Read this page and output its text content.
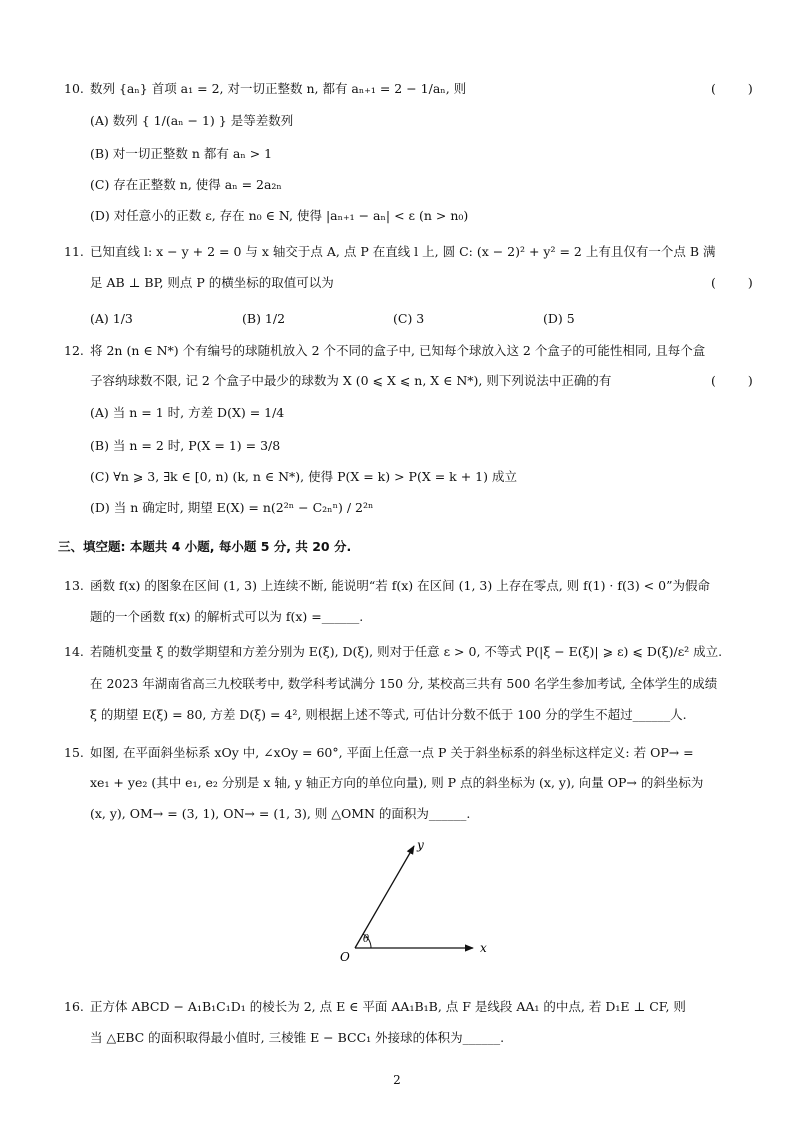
10. 数列 {aₙ} 首项 a₁ = 2, 对一切正整数 n, 都有 aₙ₊₁ = 2 − 1/aₙ, 则	( )
(A) 数列 { 1/(aₙ − 1) } 是等差数列
(B) 对一切正整数 n 都有 aₙ > 1
(C) 存在正整数 n, 使得 aₙ = 2a₂ₙ
(D) 对任意小的正数 ε, 存在 n₀ ∈ N, 使得 |aₙ₊₁ − aₙ| < ε (n > n₀)
11. 已知直线 l: x − y + 2 = 0 与 x 轴交于点 A, 点 P 在直线 l 上, 圆 C: (x − 2)² + y² = 2 上有且仅有一个点 B 满
足 AB ⊥ BP, 则点 P 的横坐标的取值可以为	( )
(A) 1/3	(B) 1/2	(C) 3	(D) 5
12. 将 2n (n ∈ N*) 个有编号的球随机放入 2 个不同的盒子中, 已知每个球放入这 2 个盒子的可能性相同, 且每个盒
子容纳球数不限, 记 2 个盒子中最少的球数为 X (0 ⩽ X ⩽ n, X ∈ N*), 则下列说法中正确的有	( )
(A) 当 n = 1 时, 方差 D(X) = 1/4
(B) 当 n = 2 时, P(X = 1) = 3/8
(C) ∀n ⩾ 3, ∃k ∈ [0, n) (k, n ∈ N*), 使得 P(X = k) > P(X = k + 1) 成立
(D) 当 n 确定时, 期望 E(X) = n(2²ⁿ − C₂ₙⁿ) / 2²ⁿ
三、填空题: 本题共 4 小题, 每小题 5 分, 共 20 分.
13. 函数 f(x) 的图象在区间 (1, 3) 上连续不断, 能说明“若 f(x) 在区间 (1, 3) 上存在零点, 则 f(1) · f(3) < 0”为假命
题的一个函数 f(x) 的解析式可以为 f(x) =______.
14. 若随机变量 ξ 的数学期望和方差分别为 E(ξ), D(ξ), 则对于任意 ε > 0, 不等式 P(|ξ − E(ξ)| ⩾ ε) ⩽ D(ξ)/ε² 成立.
在 2023 年湖南省高三九校联考中, 数学科考试满分 150 分, 某校高三共有 500 名学生参加考试, 全体学生的成绩
ξ 的期望 E(ξ) = 80, 方差 D(ξ) = 4², 则根据上述不等式, 可估计分数不低于 100 分的学生不超过______人.
15. 如图, 在平面斜坐标系 xOy 中, ∠xOy = 60°, 平面上任意一点 P 关于斜坐标系的斜坐标这样定义: 若 OP→ =
xe₁ + ye₂ (其中 e₁, e₂ 分别是 x 轴, y 轴正方向的单位向量), 则 P 点的斜坐标为 (x, y), 向量 OP→ 的斜坐标为
(x, y), OM→ = (3, 1), ON→ = (1, 3), 则 △OMN 的面积为______.
y
x
O
θ
16. 正方体 ABCD − A₁B₁C₁D₁ 的棱长为 2, 点 E ∈ 平面 AA₁B₁B, 点 F 是线段 AA₁ 的中点, 若 D₁E ⊥ CF, 则
当 △EBC 的面积取得最小值时, 三棱锥 E − BCC₁ 外接球的体积为______.
2
